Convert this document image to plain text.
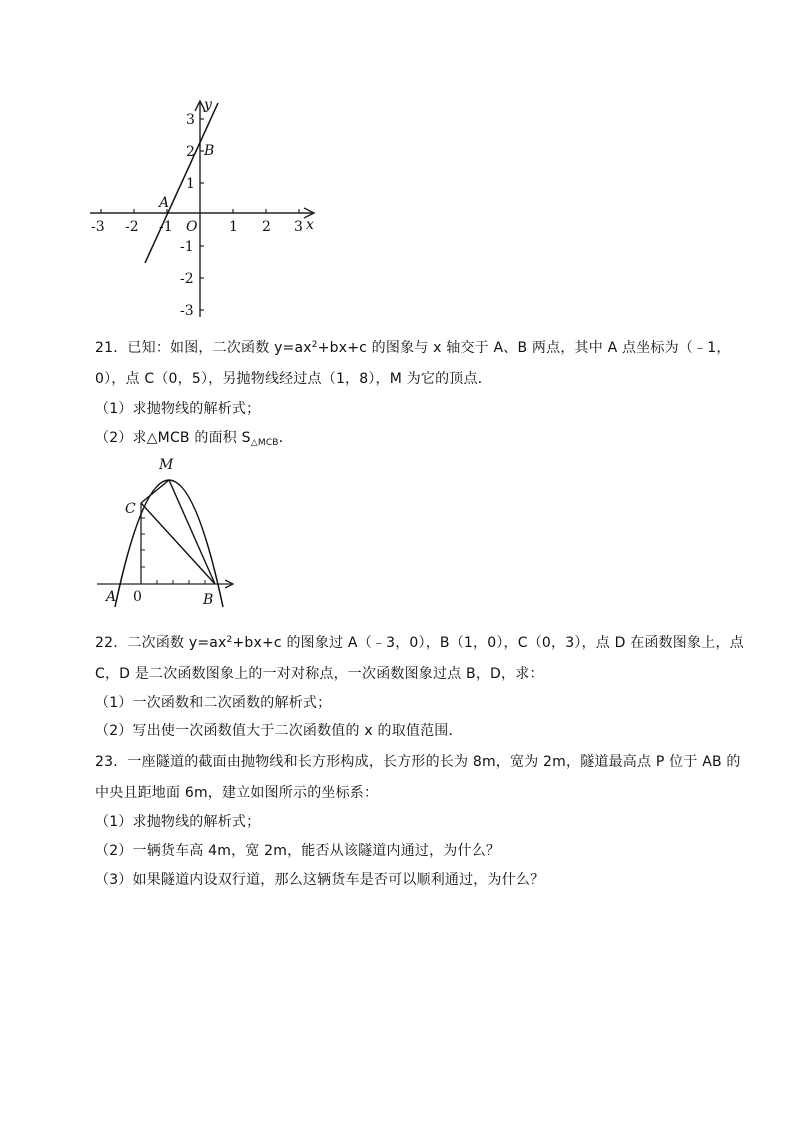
x
y
-3 -2 -1	1 2 3
1
2
3
-1
-2
-3
O
A
B
21．已知：如图，二次函数 $y=ax^2+bx+c$ 的图象与 x 轴交于 A、B 两点，其中 A 点坐标为（﹣1，
0），点 C（0，5），另抛物线经过点（1，8），M 为它的顶点．
（1）求抛物线的解析式；
（2）求△MCB 的面积 $S_{\triangle MCB}$．
M
C
A 0	B
22．二次函数 $y=ax^2+bx+c$ 的图象过 A（﹣3，0），B（1，0），C（0，3），点 D 在函数图象上，点
C，D 是二次函数图象上的一对对称点，一次函数图象过点 B，D，求：
（1）一次函数和二次函数的解析式；
（2）写出使一次函数值大于二次函数值的 x 的取值范围．
23．一座隧道的截面由抛物线和长方形构成，长方形的长为 8m，宽为 2m，隧道最高点 P 位于 AB 的
中央且距地面 6m，建立如图所示的坐标系：
（1）求抛物线的解析式；
（2）一辆货车高 4m，宽 2m，能否从该隧道内通过，为什么？
（3）如果隧道内设双行道，那么这辆货车是否可以顺利通过，为什么？
